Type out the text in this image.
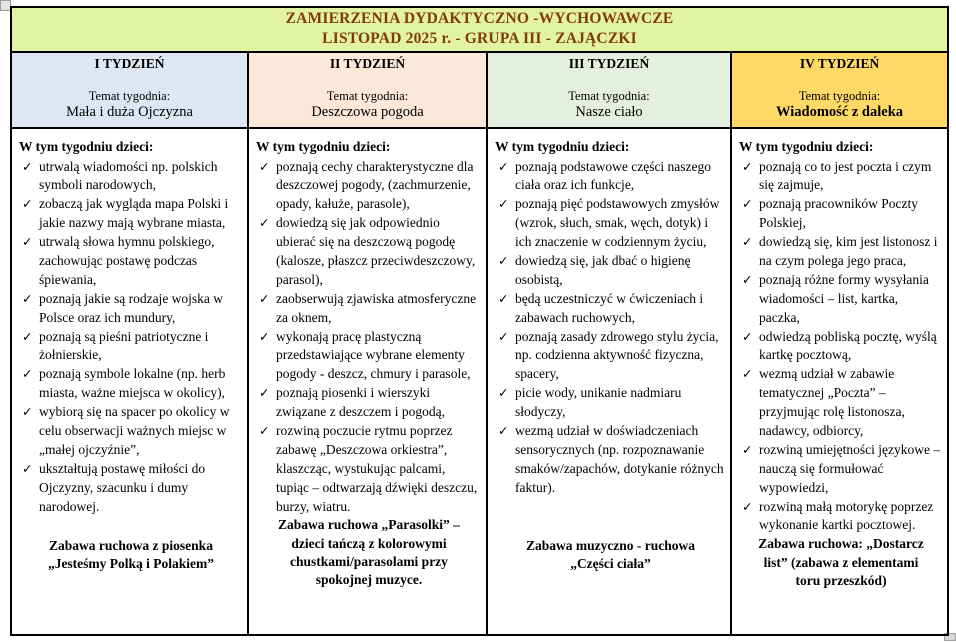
ZAMIERZENIA DYDAKTYCZNO -WYCHOWAWCZE
LISTOPAD 2025 r. - GRUPA III - ZAJĄCZKI			

I TYDZIEŃ
Temat tygodnia:
Mała i duża Ojczyzna

II TYDZIEŃ
Temat tygodnia:
Deszczowa pogoda

III TYDZIEŃ
Temat tygodnia:
Nasze ciało

IV TYDZIEŃ
Temat tygodnia:
Wiadomość z daleka

W tym tygodniu dzieci:
✓ utrwalą wiadomości np. polskich symboli narodowych,
✓ zobaczą jak wygląda mapa Polski i jakie nazwy mają wybrane miasta,
✓ utrwalą słowa hymnu polskiego, zachowując postawę podczas śpiewania,
✓ poznają jakie są rodzaje wojska w Polsce oraz ich mundury,
✓ poznają są pieśni patriotyczne i żołnierskie,
✓ poznają symbole lokalne (np. herb miasta, ważne miejsca w okolicy),
✓ wybiorą się na spacer po okolicy w celu obserwacji ważnych miejsc w „małej ojczyźnie”,
✓ ukształtują postawę miłości do Ojczyzny, szacunku i dumy narodowej.
Zabawa ruchowa z piosenka „Jesteśmy Polką i Polakiem”

W tym tygodniu dzieci:
✓ poznają cechy charakterystyczne dla deszczowej pogody, (zachmurzenie, opady, kałuże, parasole),
✓ dowiedzą się jak odpowiednio ubierać się na deszczową pogodę (kalosze, płaszcz przeciwdeszczowy, parasol),
✓ zaobserwują zjawiska atmosferyczne za oknem,
✓ wykonają pracę plastyczną przedstawiające wybrane elementy pogody - deszcz, chmury i parasole,
✓ poznają piosenki i wierszyki związane z deszczem i pogodą,
✓ rozwiną poczucie rytmu poprzez zabawę „Deszczowa orkiestra”, klaszcząc, wystukując palcami, tupiąc – odtwarzają dźwięki deszczu, burzy, wiatru.
Zabawa ruchowa „Parasolki” – dzieci tańczą z kolorowymi chustkami/parasolami przy spokojnej muzyce.

W tym tygodniu dzieci:
✓ poznają podstawowe części naszego ciała oraz ich funkcje,
✓ poznają pięć podstawowych zmysłów (wzrok, słuch, smak, węch, dotyk) i ich znaczenie w codziennym życiu,
✓ dowiedzą się, jak dbać o higienę osobistą,
✓ będą uczestniczyć w ćwiczeniach i zabawach ruchowych,
✓ poznają zasady zdrowego stylu życia, np. codzienna aktywność fizyczna, spacery,
✓ picie wody, unikanie nadmiaru słodyczy,
✓ wezmą udział w doświadczeniach sensorycznych (np. rozpoznawanie smaków/zapachów, dotykanie różnych faktur).
Zabawa muzyczno - ruchowa „Części ciała”

W tym tygodniu dzieci:
✓ poznają co to jest poczta i czym się zajmuje,
✓ poznają pracowników Poczty Polskiej,
✓ dowiedzą się, kim jest listonosz i na czym polega jego praca,
✓ poznają różne formy wysyłania wiadomości – list, kartka, paczka,
✓ odwiedzą pobliską pocztę, wyślą kartkę pocztową,
✓ wezmą udział w zabawie tematycznej „Poczta” – przyjmując rolę listonosza, nadawcy, odbiorcy,
✓ rozwiną umiejętności językowe – nauczą się formułować wypowiedzi,
✓ rozwiną małą motorykę poprzez wykonanie kartki pocztowej.
Zabawa ruchowa: „Dostarcz list” (zabawa z elementami toru przeszkód)
